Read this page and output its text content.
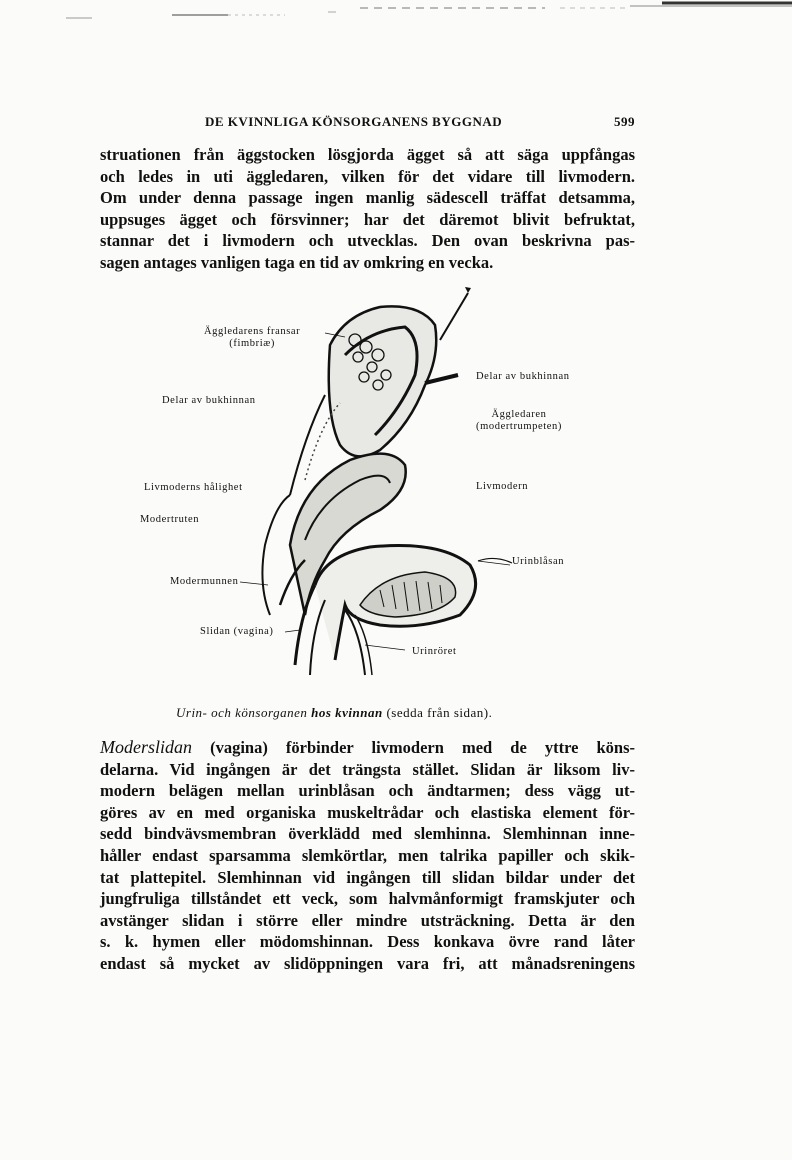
DE KVINNLIGA KÖNSORGANENS BYGGNAD	599

struationen från äggstocken lösgjorda ägget så att säga uppfångas
och ledes in uti äggledaren, vilken för det vidare till livmodern.
Om under denna passage ingen manlig sädescell träffat detsamma,
uppsuges ägget och försvinner; har det däremot blivit befruktat,
stannar det i livmodern och utvecklas. Den ovan beskrivna pas-
sagen antages vanligen taga en tid av omkring en vecka.

Äggledarens fransar
(fimbriæ)
Delar av bukhinnan
Delar av bukhinnan
Äggledaren
(modertrumpeten)
Livmoderns hålighet	Livmodern
Modertruten
Urinblåsan
Modermunnen
Slidan (vagina)
Urinröret
Urin- och könsorganen hos kvinnan (sedda från sidan).

Moderslidan (vagina) förbinder livmodern med de yttre köns-
delarna. Vid ingången är det trängsta stället. Slidan är liksom liv-
modern belägen mellan urinblåsan och ändtarmen; dess vägg ut-
göres av en med organiska muskeltrådar och elastiska element för-
sedd bindvävsmembran överklädd med slemhinna. Slemhinnan inne-
håller endast sparsamma slemkörtlar, men talrika papiller och skik-
tat plattepitel. Slemhinnan vid ingången till slidan bildar under det
jungfruliga tillståndet ett veck, som halvmånformigt framskjuter och
avstänger slidan i större eller mindre utsträckning. Detta är den
s. k. hymen eller mödomshinnan. Dess konkava övre rand låter
endast så mycket av slidöppningen vara fri, att månadsreningens
